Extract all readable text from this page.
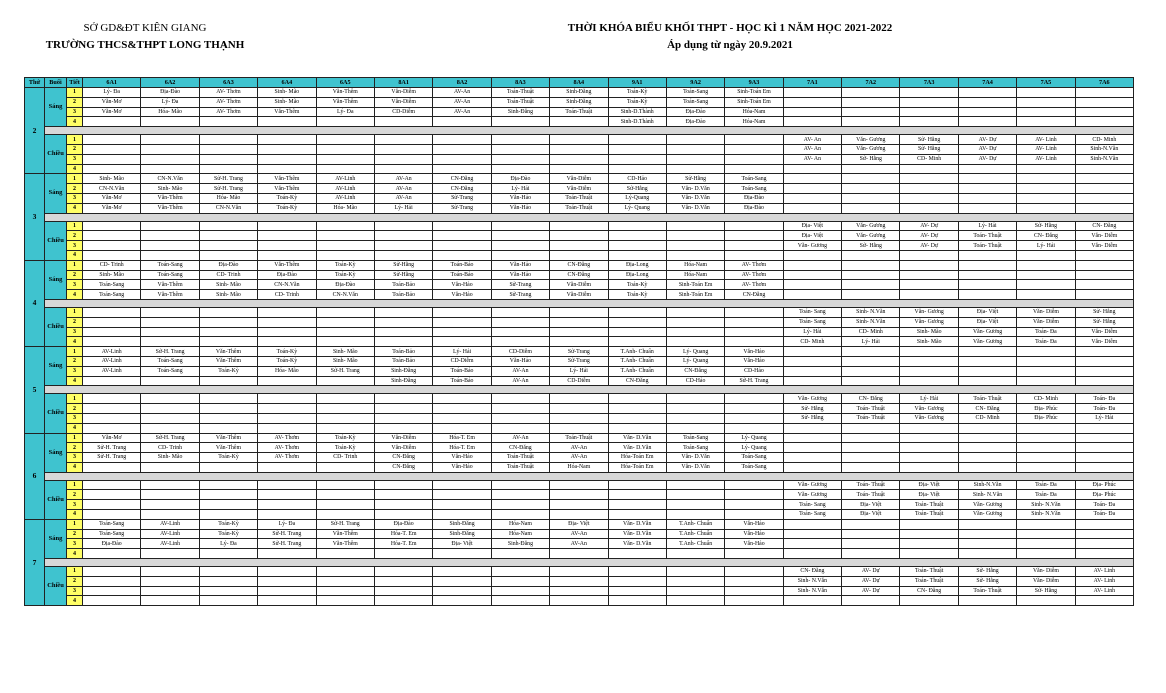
SỞ GD&ĐT KIÊN GIANG
TRƯỜNG THCS&THPT LONG THẠNH
THỜI KHÓA BIỂU KHỐI THPT - HỌC KÌ 1 NĂM HỌC 2021-2022
Áp dụng từ ngày 20.9.2021
Thứ	Buổi	Tiết	6A1	6A2	6A3	6A4	6A5	8A1	8A2	8A3	8A4	9A1	9A2	9A3	7A1	7A2	7A3	7A4	7A5	7A6
2	Sáng	1	Lý- Đa	Địa-Đào	AV- Thơm	Sinh- Mão	Văn-Thêm	Văn-Diễm	AV-An	Toán-Thuật	Sinh-Đăng	Toán-Kỳ	Toán-Sang	Sinh-Toán Em						
		2	Văn-Mơ	Lý- Đa	AV- Thơm	Sinh- Mão	Văn-Thêm	Văn-Diễm	AV-An	Toán-Thuật	Sinh-Đăng	Toán-Kỳ	Toán-Sang	Sinh-Toán Em						
		3	Văn-Mơ	Hóa- Mão	AV- Thơm	Văn-Thêm	Lý- Đa	CD-Diễm	AV-An	Sinh-Đăng	Toán-Thuật	Sinh-D.Thành	Địa-Đào	Hóa-Nam						
		4										Sinh-D.Thành	Địa-Đào	Hóa-Nam						

	Chiều	1													AV- An	Văn- Gương	Sử- Hằng	AV- Dự	AV- Linh	CD- Minh
		2													AV- An	Văn- Gương	Sử- Hằng	AV- Dự	AV- Linh	Sinh-N.Văn
		3													AV- An	Sử- Hằng	CD- Minh	AV- Dự	AV- Linh	Sinh-N.Văn
		4																		
3	Sáng	1	Sinh- Mão	CN-N.Văn	Sử-H. Trang	Văn-Thêm	AV-Linh	AV-An	CN-Đăng	Địa-Đào	Văn-Diễm	CD-Hảo	Sử-Hằng	Toán-Sang						
		2	CN-N.Văn	Sinh- Mão	Sử-H. Trang	Văn-Thêm	AV-Linh	AV-An	CN-Đăng	Lý- Hải	Văn-Diễm	Sử-Hằng	Văn- D.Văn	Toán-Sang						
		3	Văn-Mơ	Văn-Thêm	Hóa- Mão	Toán-Kỳ	AV-Linh	AV-An	Sử-Trang	Văn-Hảo	Toán-Thuật	Lý-Quang	Văn- D.Văn	Địa-Đào						
		4	Văn-Mơ	Văn-Thêm	CN-N.Văn	Toán-Kỳ	Hóa- Mão	Lý- Hải	Sử-Trang	Văn-Hảo	Toán-Thuật	Lý- Quang	Văn- D.Văn	Địa-Đào						

	Chiều	1													Địa- Việt	Văn- Gương	AV- Dự	Lý- Hải	Sử- Hằng	CN- Đăng
		2													Địa- Việt	Văn- Gương	AV- Dự	Toán- Thuật	CN- Đăng	Văn- Diễm
		3													Văn- Gương	Sử- Hằng	AV- Dự	Toán- Thuật	Lý- Hải	Văn- Diễm
		4																		
4	Sáng	1	CD- Trinh	Toán-Sang	Địa-Đào	Văn-Thêm	Toán-Kỳ	Sử-Hằng	Toán-Bảo	Văn-Hảo	CN-Đăng	Địa-Long	Hóa-Nam	AV- Thơm						
		2	Sinh- Mão	Toán-Sang	CD- Trinh	Địa-Đào	Toán-Kỳ	Sử-Hằng	Toán-Bảo	Văn-Hảo	CN-Đăng	Địa-Long	Hóa-Nam	AV- Thơm						
		3	Toán-Sang	Văn-Thêm	Sinh- Mão	CN-N.Văn	Địa-Đào	Toán-Bảo	Văn-Hảo	Sử-Trang	Văn-Diễm	Toán-Kỳ	Sinh-Toán Em	AV- Thơm						
		4	Toán-Sang	Văn-Thêm	Sinh- Mão	CD- Trinh	CN-N.Văn	Toán-Bảo	Văn-Hảo	Sử-Trang	Văn-Diễm	Toán-Kỳ	Sinh-Toán Em	CN-Đăng						

	Chiều	1													Toán- Sang	Sinh- N.Văn	Văn- Gương	Địa- Việt	Văn- Diễm	Sử- Hằng
		2													Toán- Sang	Sinh- N.Văn	Văn- Gương	Địa- Việt	Văn- Diễm	Sử- Hằng
		3													Lý- Hải	CD- Minh	Sinh- Mão	Văn- Gương	Toán- Đa	Văn- Diễm
		4													CD- Minh	Lý- Hải	Sinh- Mão	Văn- Gương	Toán- Đa	Văn- Diễm
5	Sáng	1	AV-Linh	Sử-H. Trang	Văn-Thêm	Toán-Kỳ	Sinh- Mão	Toán-Bảo	Lý- Hải	CD-Diễm	Sử-Trang	T.Anh- Chuẩn	Lý- Quang	Văn-Hảo						
		2	AV-Linh	Toán-Sang	Văn-Thêm	Toán-Kỳ	Sinh- Mão	Toán-Bảo	CD-Diễm	Văn-Hảo	Sử-Trang	T.Anh- Chuẩn	Lý- Quang	Văn-Hảo						
		3	AV-Linh	Toán-Sang	Toán-Kỳ	Hóa- Mão	Sử-H. Trang	Sinh-Đăng	Toán-Bảo	AV-An	Lý- Hải	T.Anh- Chuẩn	CN-Đăng	CD-Hảo						
		4						Sinh-Đăng	Toán-Bảo	AV-An	CD-Diễm	CN-Đăng	CD-Hảo	Sử-H. Trang						

	Chiều	1													Văn- Gương	CN- Đăng	Lý- Hải	Toán- Thuật	CD- Minh	Toán- Đa
		2													Sử- Hằng	Toán- Thuật	Văn- Gương	CN- Đăng	Địa- Phúc	Toán- Đa
		3													Sử- Hằng	Toán- Thuật	Văn- Gương	CD- Minh	Địa- Phúc	Lý- Hải
		4																		
6	Sáng	1	Văn-Mơ	Sử-H. Trang	Văn-Thêm	AV- Thơm	Toán-Kỳ	Văn-Diễm	Hóa-T. Em	AV-An	Toán-Thuật	Văn- D.Văn	Toán-Sang	Lý- Quang						
		2	Sử-H. Trang	CD- Trinh	Văn-Thêm	AV- Thơm	Toán-Kỳ	Văn-Diễm	Hóa-T. Em	CN-Đăng	AV-An	Văn- D.Văn	Toán-Sang	Lý- Quang						
		3	Sử-H. Trang	Sinh- Mão	Toán-Kỳ	AV- Thơm	CD- Trinh	CN-Đăng	Văn-Hảo	Toán-Thuật	AV-An	Hóa-Toán Em	Văn- D.Văn	Toán-Sang						
		4						CN-Đăng	Văn-Hảo	Toán-Thuật	Hóa-Nam	Hóa-Toán Em	Văn- D.Văn	Toán-Sang						

	Chiều	1													Văn- Gương	Toán- Thuật	Địa- Việt	Sinh-N.Văn	Toán- Đa	Địa- Phúc
		2													Văn- Gương	Toán- Thuật	Địa- Việt	Sinh- N.Văn	Toán- Đa	Địa- Phúc
		3													Toán- Sang	Địa- Việt	Toán- Thuật	Văn- Gương	Sinh- N.Văn	Toán- Đa
		4													Toán- Sang	Địa- Việt	Toán- Thuật	Văn- Gương	Sinh- N.Văn	Toán- Đa
7	Sáng	1	Toán-Sang	AV-Linh	Toán-Kỳ	Lý- Đa	Sử-H. Trang	Địa-Đào	Sinh-Đăng	Hóa-Nam	Địa- Việt	Văn- D.Văn	T.Anh- Chuẩn	Văn-Hảo						
		2	Toán-Sang	AV-Linh	Toán-Kỳ	Sử-H. Trang	Văn-Thêm	Hóa-T. Em	Sinh-Đăng	Hóa-Nam	AV-An	Văn- D.Văn	T.Anh- Chuẩn	Văn-Hảo						
		3	Địa-Đào	AV-Linh	Lý- Đa	Sử-H. Trang	Văn-Thêm	Hóa-T. Em	Địa- Việt	Sinh-Đăng	AV-An	Văn- D.Văn	T.Anh- Chuẩn	Văn-Hảo						
		4																		

	Chiều	1													CN- Đăng	AV- Dự	Toán- Thuật	Sử- Hằng	Văn- Diễm	AV- Linh
		2													Sinh- N.Văn	AV- Dự	Toán- Thuật	Sử- Hằng	Văn- Diễm	AV- Linh
		3													Sinh- N.Văn	AV- Dự	CN- Đăng	Toán- Thuật	Sử- Hằng	AV- Linh
		4																		
